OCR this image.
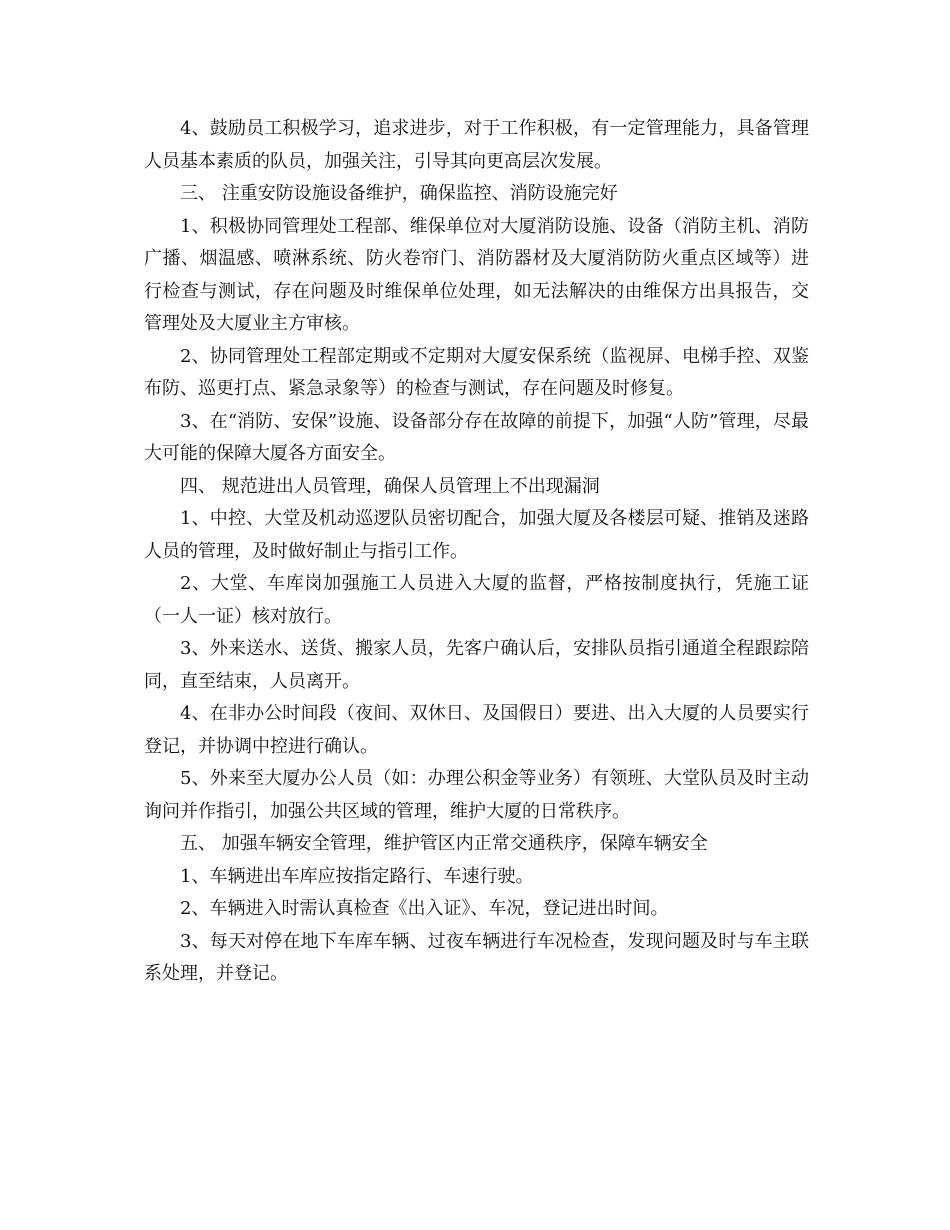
4、鼓励员工积极学习，追求进步，对于工作积极，有一定管理能力，具备管理人员基本素质的队员，加强关注，引导其向更高层次发展。

三、 注重安防设施设备维护，确保监控、消防设施完好

1、积极协同管理处工程部、维保单位对大厦消防设施、设备（消防主机、消防广播、烟温感、喷淋系统、防火卷帘门、消防器材及大厦消防防火重点区域等）进行检查与测试，存在问题及时维保单位处理，如无法解决的由维保方出具报告，交管理处及大厦业主方审核。

2、协同管理处工程部定期或不定期对大厦安保系统（监视屏、电梯手控、双鉴布防、巡更打点、紧急录象等）的检查与测试，存在问题及时修复。

3、在“消防、安保”设施、设备部分存在故障的前提下，加强“人防”管理，尽最大可能的保障大厦各方面安全。

四、 规范进出人员管理，确保人员管理上不出现漏洞

1、中控、大堂及机动巡逻队员密切配合，加强大厦及各楼层可疑、推销及迷路人员的管理，及时做好制止与指引工作。

2、大堂、车库岗加强施工人员进入大厦的监督，严格按制度执行，凭施工证（一人一证）核对放行。

3、外来送水、送货、搬家人员，先客户确认后，安排队员指引通道全程跟踪陪同，直至结束，人员离开。

4、在非办公时间段（夜间、双休日、及国假日）要进、出入大厦的人员要实行登记，并协调中控进行确认。

5、外来至大厦办公人员（如：办理公积金等业务）有领班、大堂队员及时主动询问并作指引，加强公共区域的管理，维护大厦的日常秩序。

五、 加强车辆安全管理，维护管区内正常交通秩序，保障车辆安全

1、车辆进出车库应按指定路行、车速行驶。

2、车辆进入时需认真检查《出入证》、车况，登记进出时间。

3、每天对停在地下车库车辆、过夜车辆进行车况检查，发现问题及时与车主联系处理，并登记。
